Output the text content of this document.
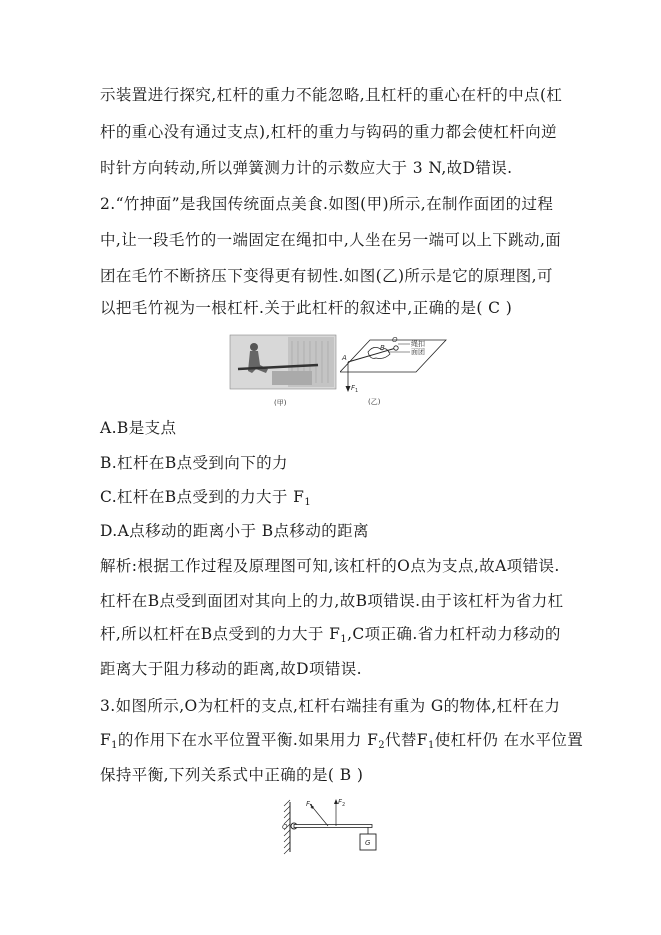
示装置进行探究,杠杆的重力不能忽略,且杠杆的重心在杆的中点(杠
杆的重心没有通过支点),杠杆的重力与钩码的重力都会使杠杆向逆
时针方向转动,所以弹簧测力计的示数应大于 3 N,故D错误.
2.“竹抻面”是我国传统面点美食.如图(甲)所示,在制作面团的过程
中,让一段毛竹的一端固定在绳扣中,人坐在另一端可以上下跳动,面
团在毛竹不断挤压下变得更有韧性.如图(乙)所示是它的原理图,可
以把毛竹视为一根杠杆.关于此杠杆的叙述中,正确的是( C )
(甲)
O
A
B	绳扣
面团
F 1
(乙)
A.B是支点
B.杠杆在B点受到向下的力
C.杠杆在B点受到的力大于 $F_1$
D.A点移动的距离小于 B点移动的距离
解析:根据工作过程及原理图可知,该杠杆的O点为支点,故A项错误.
杠杆在B点受到面团对其向上的力,故B项错误.由于该杠杆为省力杠
杆,所以杠杆在B点受到的力大于 $F_1,C$项正确.省力杠杆动力移动的
距离大于阻力移动的距离,故D项错误.
3.如图所示,O为杠杆的支点,杠杆右端挂有重为 G的物体,杠杆在力
$F_1$的作用下在水平位置平衡.如果用力 $F_2$代替$F_1$使杠杆仍 在水平位置
保持平衡,下列关系式中正确的是( B )
O
F 1
F 2
G
